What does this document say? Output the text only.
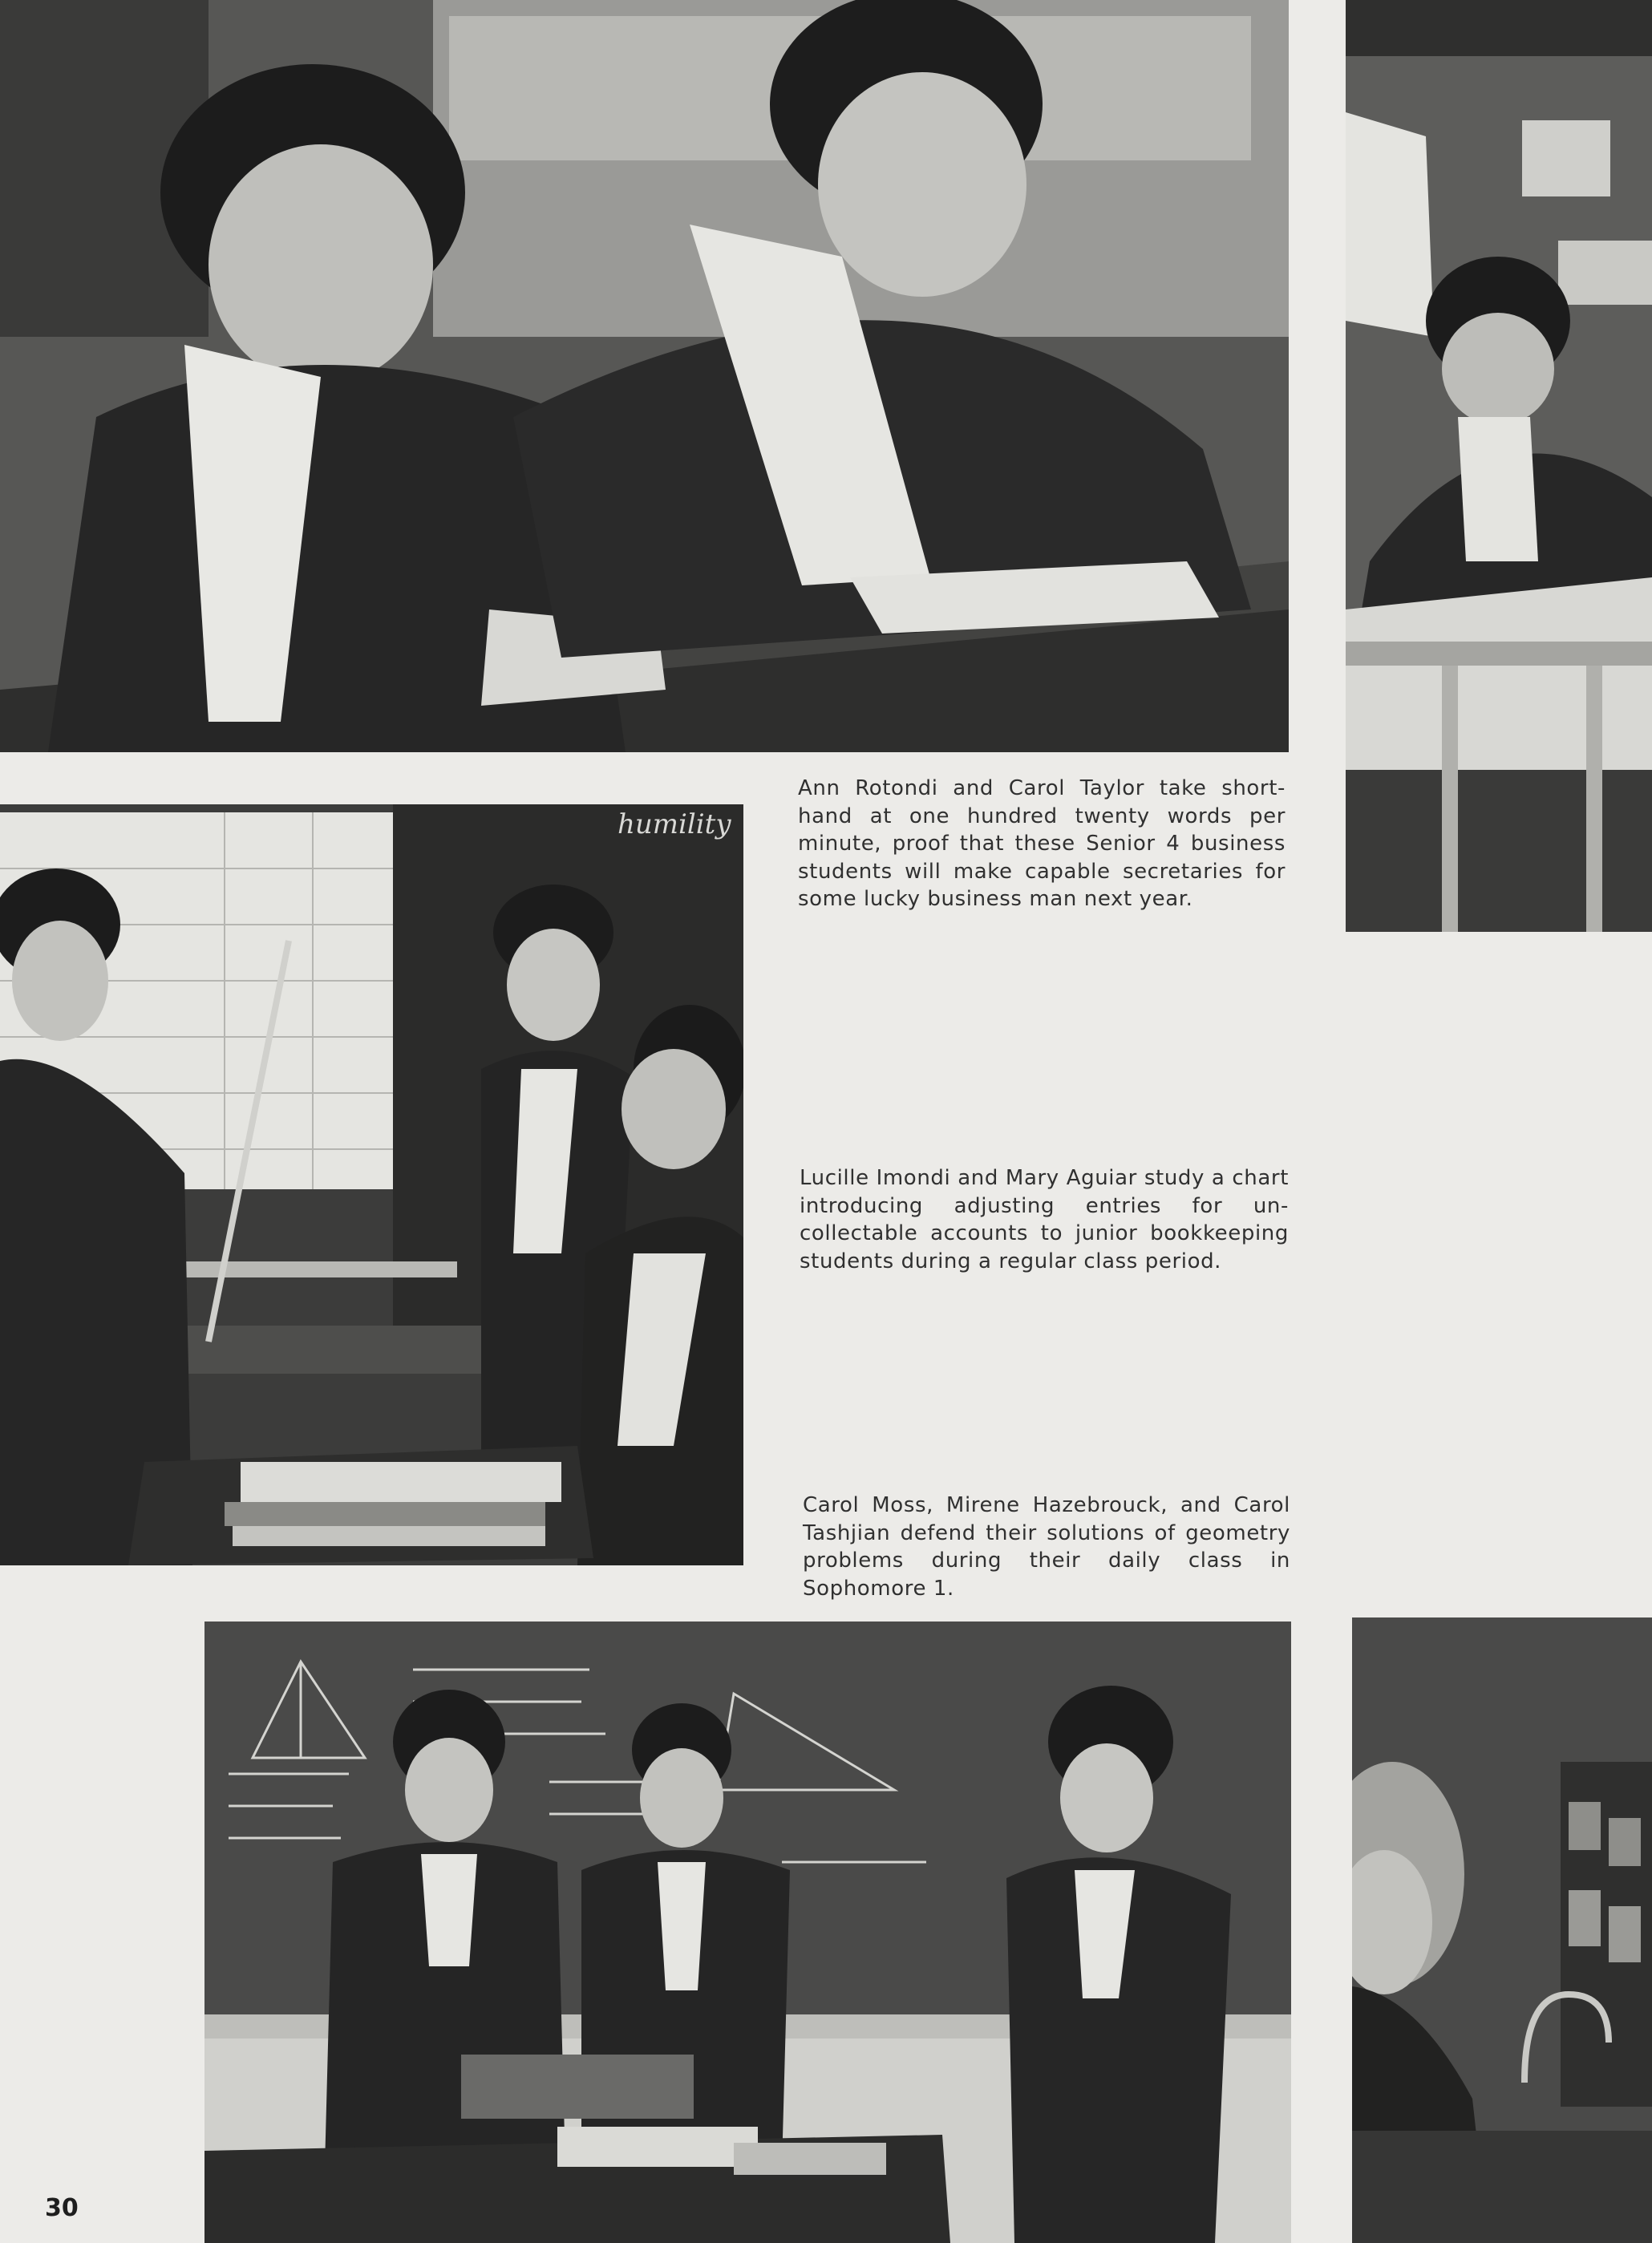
humility

Ann Rotondi and Carol Taylor take short-hand at one hundred twenty words per minute, proof that these Senior 4 business students will make capable secretaries for some lucky business man next year.

Lucille Imondi and Mary Aguiar study a chart introducing adjusting entries for un-collectable accounts to junior bookkeeping students during a regular class period.

Carol Moss, Mirene Hazebrouck, and Carol Tashjian defend their solutions of geometry problems during their daily class in Sophomore 1.

30
